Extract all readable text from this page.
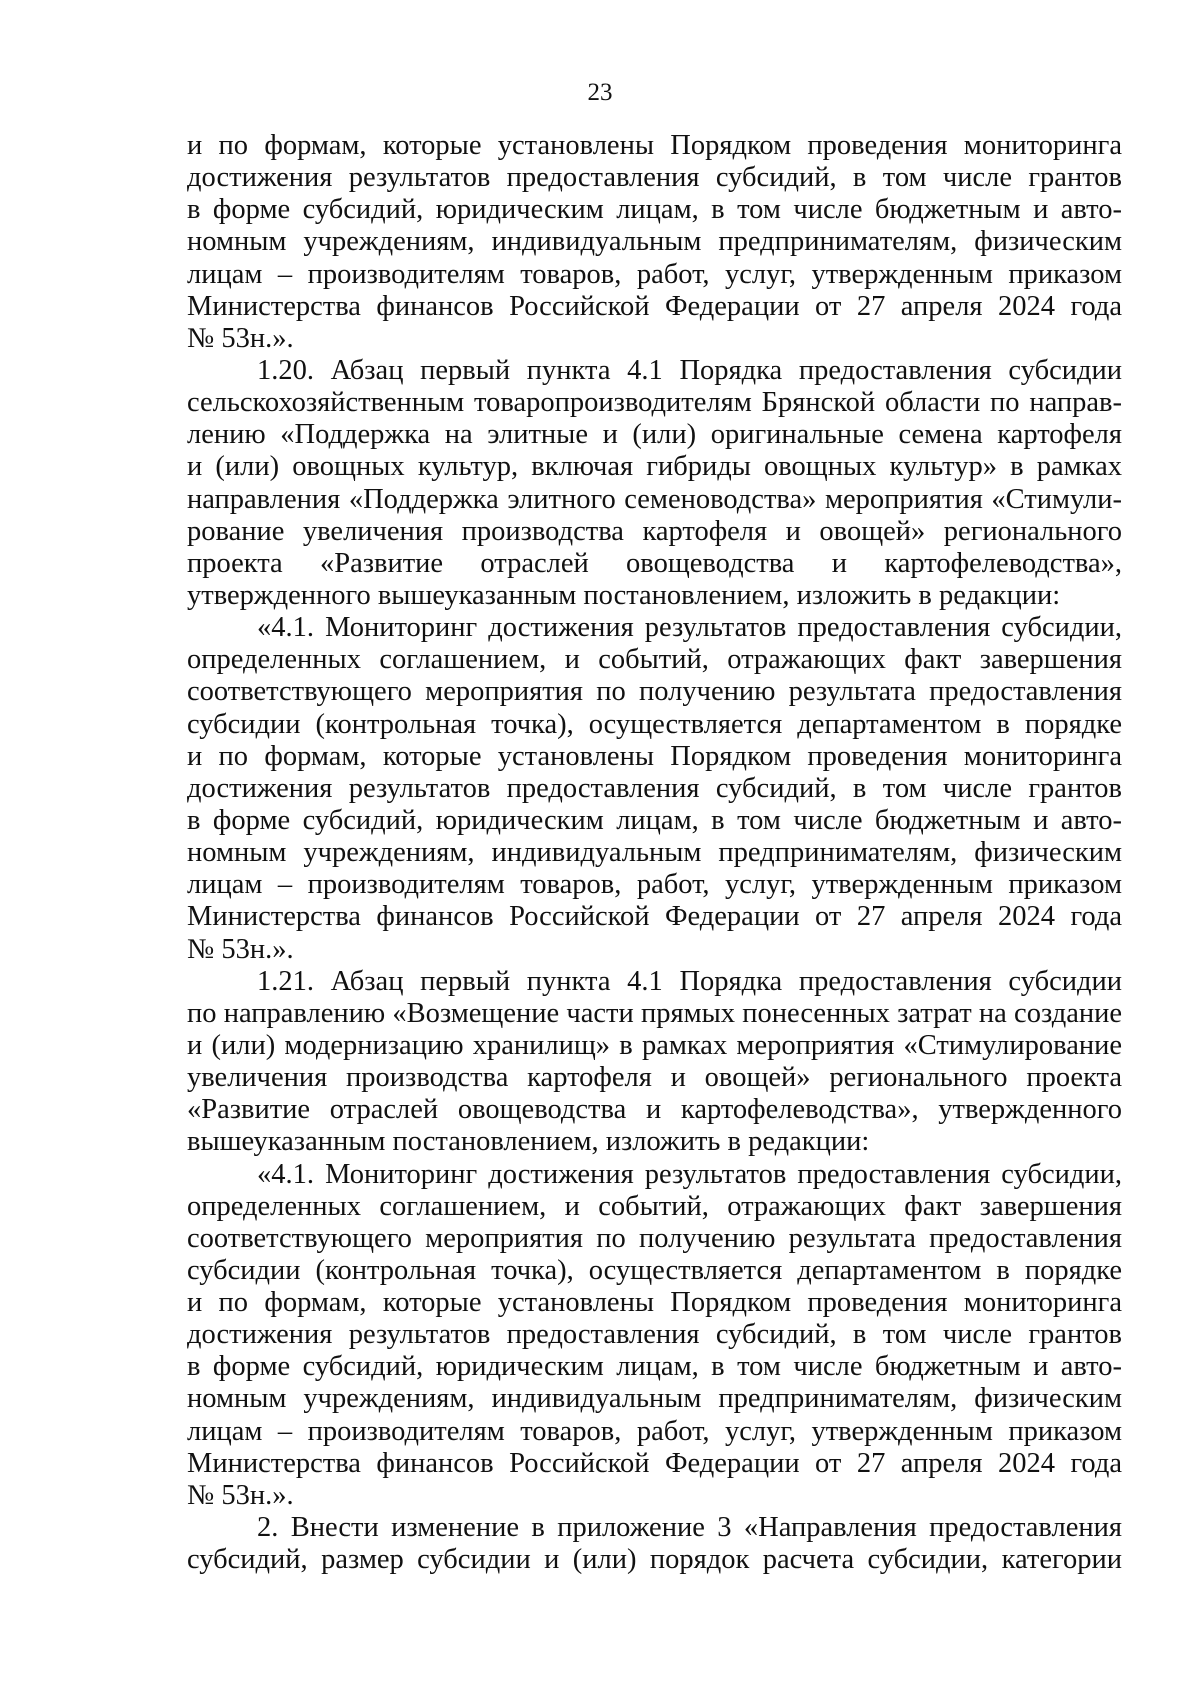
23
и по формам, которые установлены Порядком проведения мониторинга
достижения результатов предоставления субсидий, в том числе грантов
в форме субсидий, юридическим лицам, в том числе бюджетным и авто-
номным учреждениям, индивидуальным предпринимателям, физическим
лицам – производителям товаров, работ, услуг, утвержденным приказом
Министерства финансов Российской Федерации от 27 апреля 2024 года
№ 53н.».
1.20. Абзац первый пункта 4.1 Порядка предоставления субсидии
сельскохозяйственным товаропроизводителям Брянской области по направ-
лению «Поддержка на элитные и (или) оригинальные семена картофеля
и (или) овощных культур, включая гибриды овощных культур» в рамках
направления «Поддержка элитного семеноводства» мероприятия «Стимули-
рование увеличения производства картофеля и овощей» регионального
проекта «Развитие отраслей овощеводства и картофелеводства»,
утвержденного вышеуказанным постановлением, изложить в редакции:
«4.1. Мониторинг достижения результатов предоставления субсидии,
определенных соглашением, и событий, отражающих факт завершения
соответствующего мероприятия по получению результата предоставления
субсидии (контрольная точка), осуществляется департаментом в порядке
и по формам, которые установлены Порядком проведения мониторинга
достижения результатов предоставления субсидий, в том числе грантов
в форме субсидий, юридическим лицам, в том числе бюджетным и авто-
номным учреждениям, индивидуальным предпринимателям, физическим
лицам – производителям товаров, работ, услуг, утвержденным приказом
Министерства финансов Российской Федерации от 27 апреля 2024 года
№ 53н.».
1.21. Абзац первый пункта 4.1 Порядка предоставления субсидии
по направлению «Возмещение части прямых понесенных затрат на создание
и (или) модернизацию хранилищ» в рамках мероприятия «Стимулирование
увеличения производства картофеля и овощей» регионального проекта
«Развитие отраслей овощеводства и картофелеводства», утвержденного
вышеуказанным постановлением, изложить в редакции:
«4.1. Мониторинг достижения результатов предоставления субсидии,
определенных соглашением, и событий, отражающих факт завершения
соответствующего мероприятия по получению результата предоставления
субсидии (контрольная точка), осуществляется департаментом в порядке
и по формам, которые установлены Порядком проведения мониторинга
достижения результатов предоставления субсидий, в том числе грантов
в форме субсидий, юридическим лицам, в том числе бюджетным и авто-
номным учреждениям, индивидуальным предпринимателям, физическим
лицам – производителям товаров, работ, услуг, утвержденным приказом
Министерства финансов Российской Федерации от 27 апреля 2024 года
№ 53н.».
2. Внести изменение в приложение 3 «Направления предоставления
субсидий, размер субсидии и (или) порядок расчета субсидии, категории
